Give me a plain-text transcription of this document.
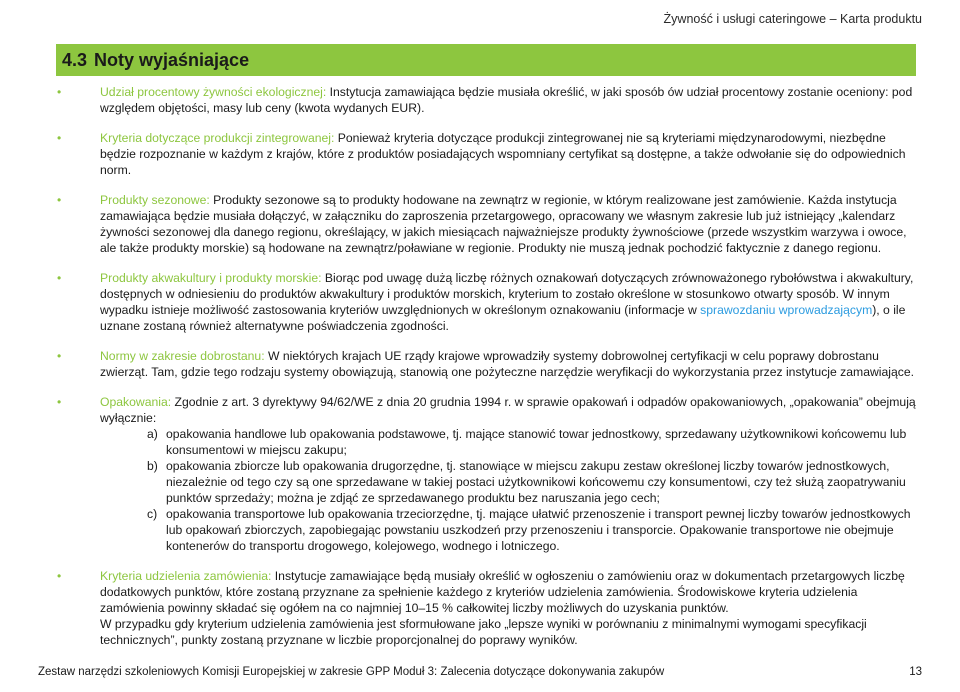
Żywność i usługi cateringowe – Karta produktu
4.3 Noty wyjaśniające
•	Udział procentowy żywności ekologicznej: Instytucja zamawiająca będzie musiała określić, w jaki sposób ów udział procentowy zostanie oceniony: pod względem objętości, masy lub ceny (kwota wydanych EUR).
•	Kryteria dotyczące produkcji zintegrowanej: Ponieważ kryteria dotyczące produkcji zintegrowanej nie są kryteriami międzynarodowymi, niezbędne będzie rozpoznanie w każdym z krajów, które z produktów posiadających wspomniany certyfikat są dostępne, a także odwołanie się do odpowiednich norm.
•	Produkty sezonowe: Produkty sezonowe są to produkty hodowane na zewnątrz w regionie, w którym realizowane jest zamówienie. Każda instytucja zamawiająca będzie musiała dołączyć, w załączniku do zaproszenia przetargowego, opracowany we własnym zakresie lub już istniejący „kalendarz żywności sezonowej dla danego regionu, określający, w jakich miesiącach najważniejsze produkty żywnościowe (przede wszystkim warzywa i owoce, ale także produkty morskie) są hodowane na zewnątrz/poławiane w regionie. Produkty nie muszą jednak pochodzić faktycznie z danego regionu.
•	Produkty akwakultury i produkty morskie: Biorąc pod uwagę dużą liczbę różnych oznakowań dotyczących zrównoważonego rybołówstwa i akwakultury, dostępnych w odniesieniu do produktów akwakultury i produktów morskich, kryterium to zostało określone w stosunkowo otwarty sposób. W innym wypadku istnieje możliwość zastosowania kryteriów uwzględnionych w określonym oznakowaniu (informacje w sprawozdaniu wprowadzającym), o ile uznane zostaną również alternatywne poświadczenia zgodności.
•	Normy w zakresie dobrostanu: W niektórych krajach UE rządy krajowe wprowadziły systemy dobrowolnej certyfikacji w celu poprawy dobrostanu zwierząt. Tam, gdzie tego rodzaju systemy obowiązują, stanowią one pożyteczne narzędzie weryfikacji do wykorzystania przez instytucje zamawiające.
•	Opakowania: Zgodnie z art. 3 dyrektywy 94/62/WE z dnia 20 grudnia 1994 r. w sprawie opakowań i odpadów opakowaniowych, „opakowania” obejmują wyłącznie:
a) opakowania handlowe lub opakowania podstawowe, tj. mające stanowić towar jednostkowy, sprzedawany użytkownikowi końcowemu lub konsumentowi w miejscu zakupu;
b) opakowania zbiorcze lub opakowania drugorzędne, tj. stanowiące w miejscu zakupu zestaw określonej liczby towarów jednostkowych, niezależnie od tego czy są one sprzedawane w takiej postaci użytkownikowi końcowemu czy konsumentowi, czy też służą zaopatrywaniu punktów sprzedaży; można je zdjąć ze sprzedawanego produktu bez naruszania jego cech;
c) opakowania transportowe lub opakowania trzeciorzędne, tj. mające ułatwić przenoszenie i transport pewnej liczby towarów jednostkowych lub opakowań zbiorczych, zapobiegając powstaniu uszkodzeń przy przenoszeniu i transporcie. Opakowanie transportowe nie obejmuje kontenerów do transportu drogowego, kolejowego, wodnego i lotniczego.
•	Kryteria udzielenia zamówienia: Instytucje zamawiające będą musiały określić w ogłoszeniu o zamówieniu oraz w dokumentach przetargowych liczbę dodatkowych punktów, które zostaną przyznane za spełnienie każdego z kryteriów udzielenia zamówienia. Środowiskowe kryteria udzielenia zamówienia powinny składać się ogółem na co najmniej 10–15 % całkowitej liczby możliwych do uzyskania punktów.
W przypadku gdy kryterium udzielenia zamówienia jest sformułowane jako „lepsze wyniki w porównaniu z minimalnymi wymogami specyfikacji technicznych”, punkty zostaną przyznane w liczbie proporcjonalnej do poprawy wyników.
Zestaw narzędzi szkoleniowych Komisji Europejskiej w zakresie GPP Moduł 3: Zalecenia dotyczące dokonywania zakupów	13
